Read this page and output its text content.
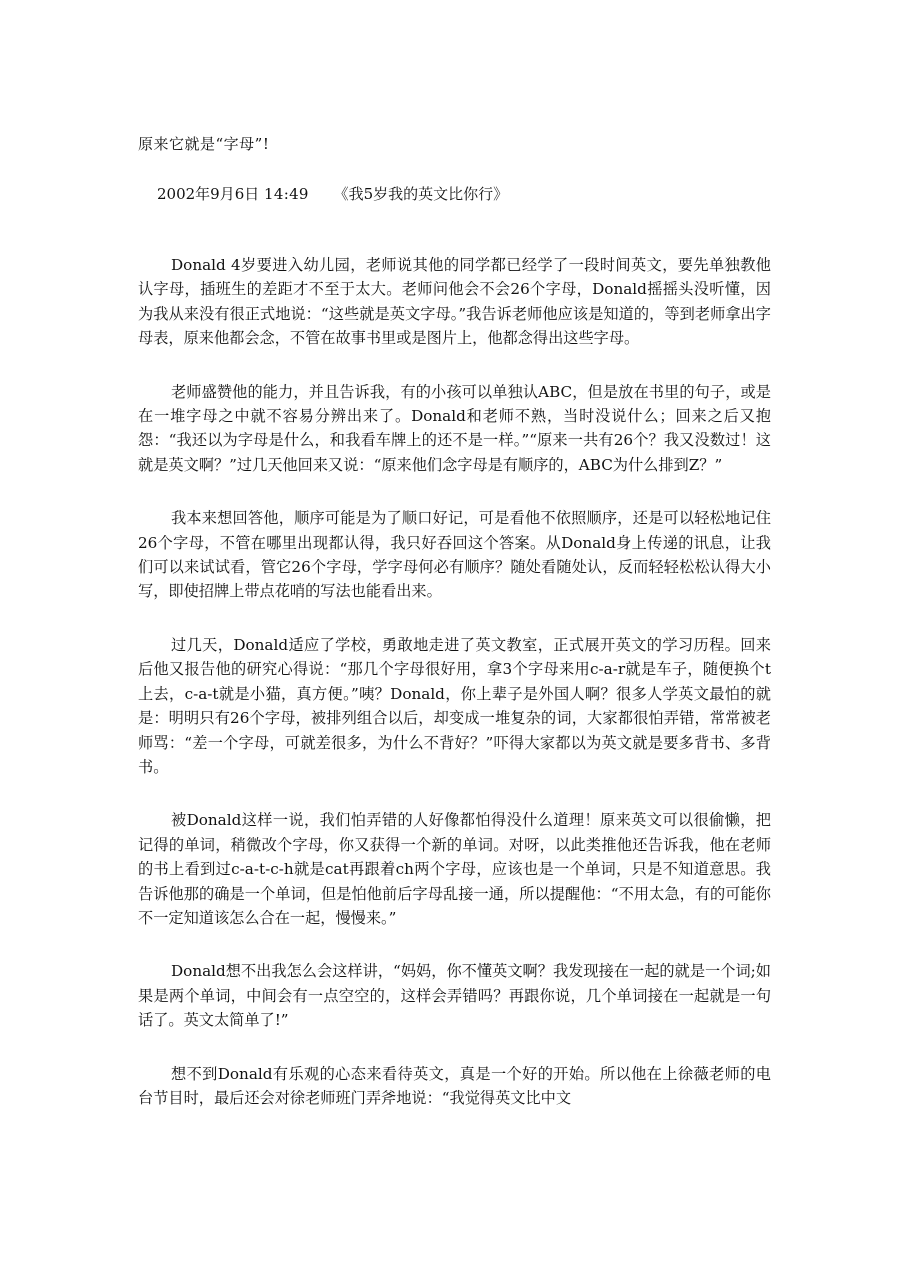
原来它就是“字母”!
2002年9月6日 14:49 《我5岁我的英文比你行》

Donald 4岁要进入幼儿园，老师说其他的同学都已经学了一段时间英文，要先单独教他认字母，插班生的差距才不至于太大。老师问他会不会26个字母，Donald摇摇头没听懂，因为我从来没有很正式地说：“这些就是英文字母。”我告诉老师他应该是知道的，等到老师拿出字母表，原来他都会念，不管在故事书里或是图片上，他都念得出这些字母。

老师盛赞他的能力，并且告诉我，有的小孩可以单独认ABC，但是放在书里的句子，或是在一堆字母之中就不容易分辨出来了。Donald和老师不熟，当时没说什么；回来之后又抱怨：“我还以为字母是什么，和我看车牌上的还不是一样。”“原来一共有26个？我又没数过！这就是英文啊？”过几天他回来又说：“原来他们念字母是有顺序的，ABC为什么排到Z？”

我本来想回答他，顺序可能是为了顺口好记，可是看他不依照顺序，还是可以轻松地记住26个字母，不管在哪里出现都认得，我只好吞回这个答案。从Donald身上传递的讯息，让我们可以来试试看，管它26个字母，学字母何必有顺序？随处看随处认，反而轻轻松松认得大小写，即使招牌上带点花哨的写法也能看出来。

过几天，Donald适应了学校，勇敢地走进了英文教室，正式展开英文的学习历程。回来后他又报告他的研究心得说：“那几个字母很好用，拿3个字母来用c-a-r就是车子，随便换个t上去，c-a-t就是小猫，真方便。”咦？Donald，你上辈子是外国人啊？很多人学英文最怕的就是：明明只有26个字母，被排列组合以后，却变成一堆复杂的词，大家都很怕弄错，常常被老师骂：“差一个字母，可就差很多，为什么不背好？”吓得大家都以为英文就是要多背书、多背书。

被Donald这样一说，我们怕弄错的人好像都怕得没什么道理！原来英文可以很偷懒，把记得的单词，稍微改个字母，你又获得一个新的单词。对呀，以此类推他还告诉我，他在老师的书上看到过c-a-t-c-h就是cat再跟着ch两个字母，应该也是一个单词，只是不知道意思。我告诉他那的确是一个单词，但是怕他前后字母乱接一通，所以提醒他：“不用太急，有的可能你不一定知道该怎么合在一起，慢慢来。”

Donald想不出我怎么会这样讲，“妈妈，你不懂英文啊？我发现接在一起的就是一个词;如果是两个单词，中间会有一点空空的，这样会弄错吗？再跟你说，几个单词接在一起就是一句话了。英文太简单了!”

想不到Donald有乐观的心态来看待英文，真是一个好的开始。所以他在上徐薇老师的电台节目时，最后还会对徐老师班门弄斧地说：“我觉得英文比中文
